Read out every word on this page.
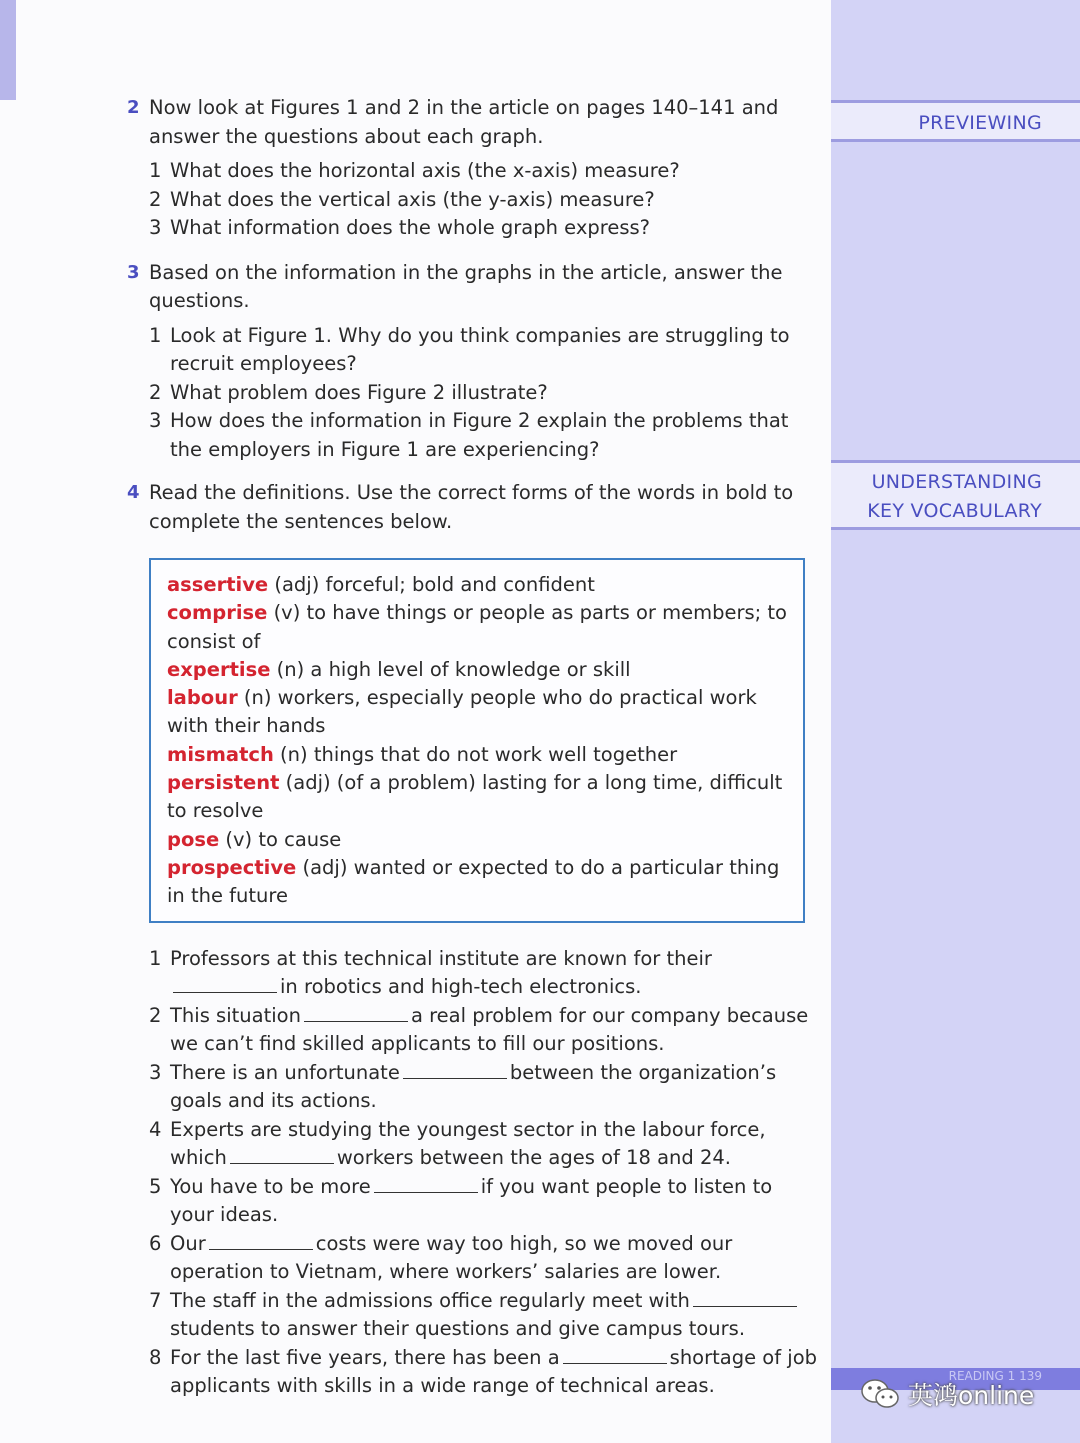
PREVIEWING
UNDERSTANDING
KEY VOCABULARY
READING 1 139
英鸿online
2 Now look at Figures 1 and 2 in the article on pages 140–141 and answer the questions about each graph.
1 What does the horizontal axis (the x-axis) measure?
2 What does the vertical axis (the y-axis) measure?
3 What information does the whole graph express?
3 Based on the information in the graphs in the article, answer the questions.
1 Look at Figure 1. Why do you think companies are struggling to recruit employees?
2 What problem does Figure 2 illustrate?
3 How does the information in Figure 2 explain the problems that the employers in Figure 1 are experiencing?
4 Read the definitions. Use the correct forms of the words in bold to complete the sentences below.
assertive (adj) forceful; bold and confident
comprise (v) to have things or people as parts or members; to consist of
expertise (n) a high level of knowledge or skill
labour (n) workers, especially people who do practical work with their hands
mismatch (n) things that do not work well together
persistent (adj) (of a problem) lasting for a long time, difficult to resolve
pose (v) to cause
prospective (adj) wanted or expected to do a particular thing in the future
1 Professors at this technical institute are known for theirin robotics and high-tech electronics.
2 This situation	a real problem for our company because we can’t find skilled applicants to fill our positions.
3 There is an unfortunate	between the organization’s goals and its actions.
4 Experts are studying the youngest sector in the labour force, which	workers between the ages of 18 and 24.
5 You have to be more	if you want people to listen to your ideas.
6 Our	costs were way too high, so we moved our operation to Vietnam, where workers’ salaries are lower.
7 The staff in the admissions office regularly meet withstudents to answer their questions and give campus tours.
8 For the last five years, there has been a	shortage of job applicants with skills in a wide range of technical areas.
